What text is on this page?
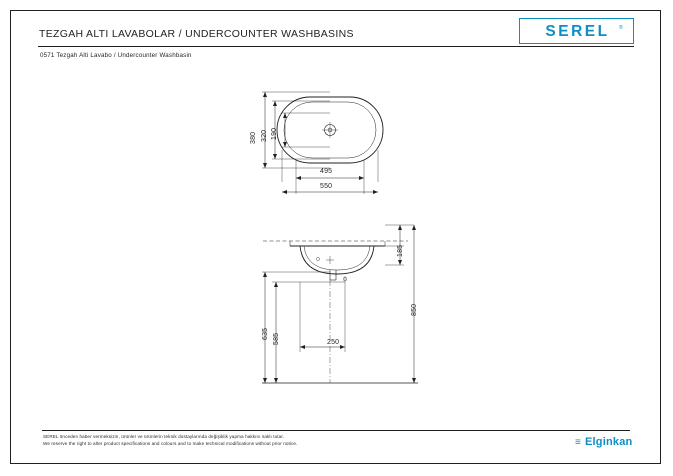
TEZGAH ALTI LAVABOLAR / UNDERCOUNTER WASHBASINS
0571 Tezgah Alti Lavabo / Undercounter Washbasin
SEREL	®
380 320 190
495
550
185
850
635 585	250
SEREL önceden haber vermeksizin, ürünler ve ürünlerin teknik dostaylarında değişiklik yapma hakkını saklı tutar.
We reserve the right to alter product specifications and colours and to make technical modifications without prior notice.	≡ Elginkan
